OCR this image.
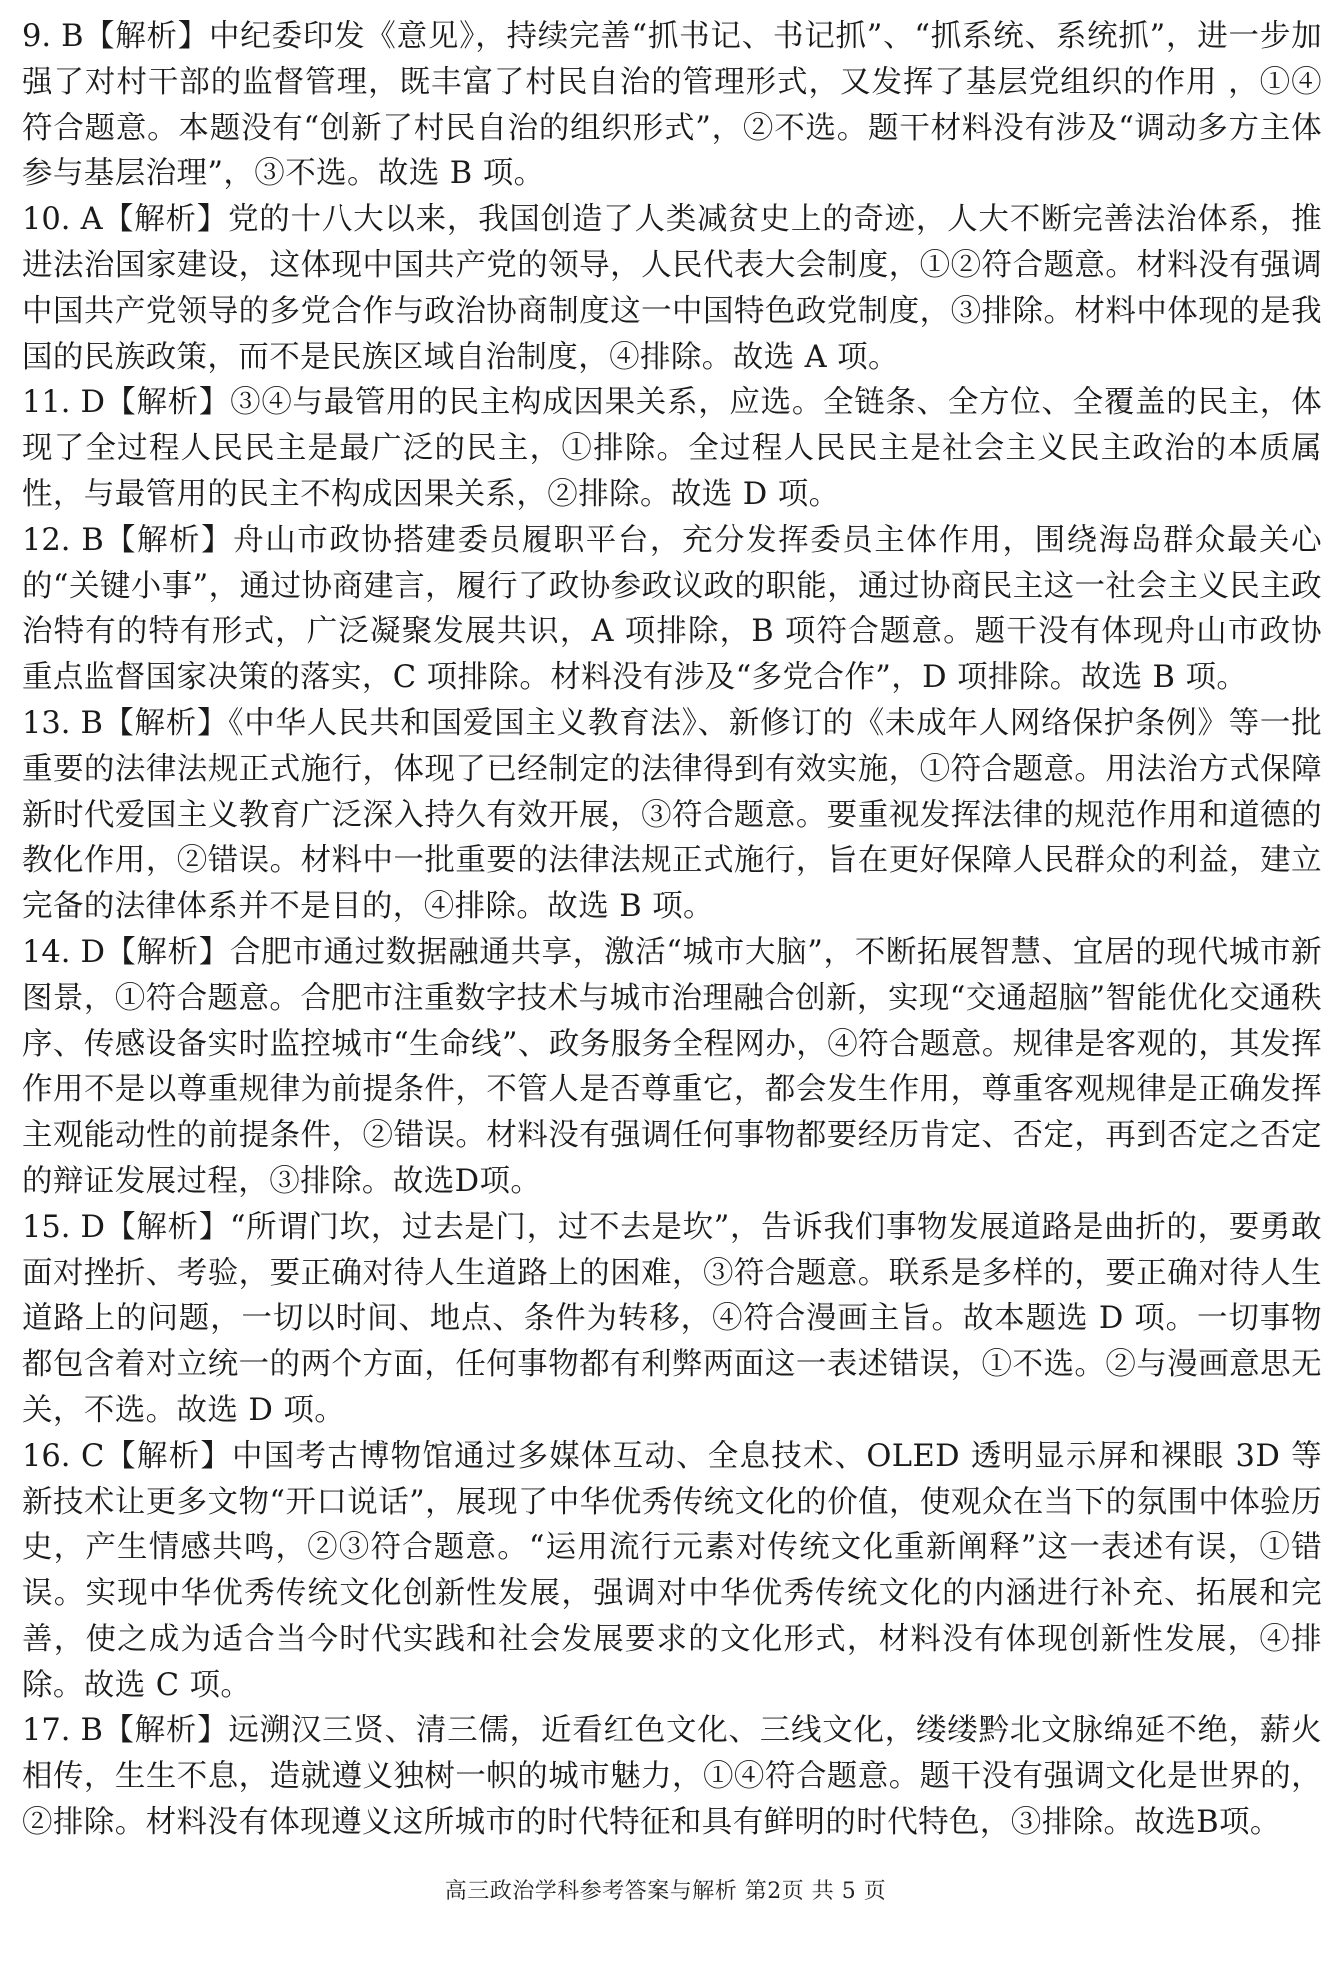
9. B【解析】中纪委印发《意见》，持续完善“抓书记、书记抓”、“抓系统、系统抓”，进一步加强了对村干部的监督管理，既丰富了村民自治的管理形式，又发挥了基层党组织的作用 ，①④符合题意。本题没有“创新了村民自治的组织形式”，②不选。题干材料没有涉及“调动多方主体参与基层治理”，③不选。故选 B 项。

10. A【解析】党的十八大以来，我国创造了人类减贫史上的奇迹，人大不断完善法治体系，推进法治国家建设，这体现中国共产党的领导，人民代表大会制度，①②符合题意。材料没有强调中国共产党领导的多党合作与政治协商制度这一中国特色政党制度，③排除。材料中体现的是我国的民族政策，而不是民族区域自治制度，④排除。故选 A 项。

11. D【解析】③④与最管用的民主构成因果关系，应选。全链条、全方位、全覆盖的民主，体现了全过程人民民主是最广泛的民主，①排除。全过程人民民主是社会主义民主政治的本质属性，与最管用的民主不构成因果关系，②排除。故选 D 项。

12. B【解析】舟山市政协搭建委员履职平台，充分发挥委员主体作用，围绕海岛群众最关心的“关键小事”，通过协商建言，履行了政协参政议政的职能，通过协商民主这一社会主义民主政治特有的特有形式，广泛凝聚发展共识，A 项排除，B 项符合题意。题干没有体现舟山市政协重点监督国家决策的落实，C 项排除。材料没有涉及“多党合作”，D 项排除。故选 B 项。

13. B【解析】《中华人民共和国爱国主义教育法》、新修订的《未成年人网络保护条例》等一批重要的法律法规正式施行，体现了已经制定的法律得到有效实施，①符合题意。用法治方式保障新时代爱国主义教育广泛深入持久有效开展，③符合题意。要重视发挥法律的规范作用和道德的教化作用，②错误。材料中一批重要的法律法规正式施行，旨在更好保障人民群众的利益，建立完备的法律体系并不是目的，④排除。故选 B 项。

14. D【解析】合肥市通过数据融通共享，激活“城市大脑”，不断拓展智慧、宜居的现代城市新图景，①符合题意。合肥市注重数字技术与城市治理融合创新，实现“交通超脑”智能优化交通秩序、传感设备实时监控城市“生命线”、政务服务全程网办，④符合题意。规律是客观的，其发挥作用不是以尊重规律为前提条件，不管人是否尊重它，都会发生作用，尊重客观规律是正确发挥主观能动性的前提条件，②错误。材料没有强调任何事物都要经历肯定、否定，再到否定之否定的辩证发展过程，③排除。故选D项。

15. D【解析】“所谓门坎，过去是门，过不去是坎”，告诉我们事物发展道路是曲折的，要勇敢面对挫折、考验，要正确对待人生道路上的困难，③符合题意。联系是多样的，要正确对待人生道路上的问题，一切以时间、地点、条件为转移，④符合漫画主旨。故本题选 D 项。一切事物都包含着对立统一的两个方面，任何事物都有利弊两面这一表述错误，①不选。②与漫画意思无关，不选。故选 D 项。

16. C【解析】中国考古博物馆通过多媒体互动、全息技术、OLED 透明显示屏和裸眼 3D 等新技术让更多文物“开口说话”，展现了中华优秀传统文化的价值，使观众在当下的氛围中体验历史，产生情感共鸣，②③符合题意。“运用流行元素对传统文化重新阐释”这一表述有误，①错误。实现中华优秀传统文化创新性发展，强调对中华优秀传统文化的内涵进行补充、拓展和完善，使之成为适合当今时代实践和社会发展要求的文化形式，材料没有体现创新性发展，④排除。故选 C 项。

17. B【解析】远溯汉三贤、清三儒，近看红色文化、三线文化，缕缕黔北文脉绵延不绝，薪火相传，生生不息，造就遵义独树一帜的城市魅力，①④符合题意。题干没有强调文化是世界的，②排除。材料没有体现遵义这所城市的时代特征和具有鲜明的时代特色，③排除。故选B项。

高三政治学科参考答案与解析 第2页 共 5 页
